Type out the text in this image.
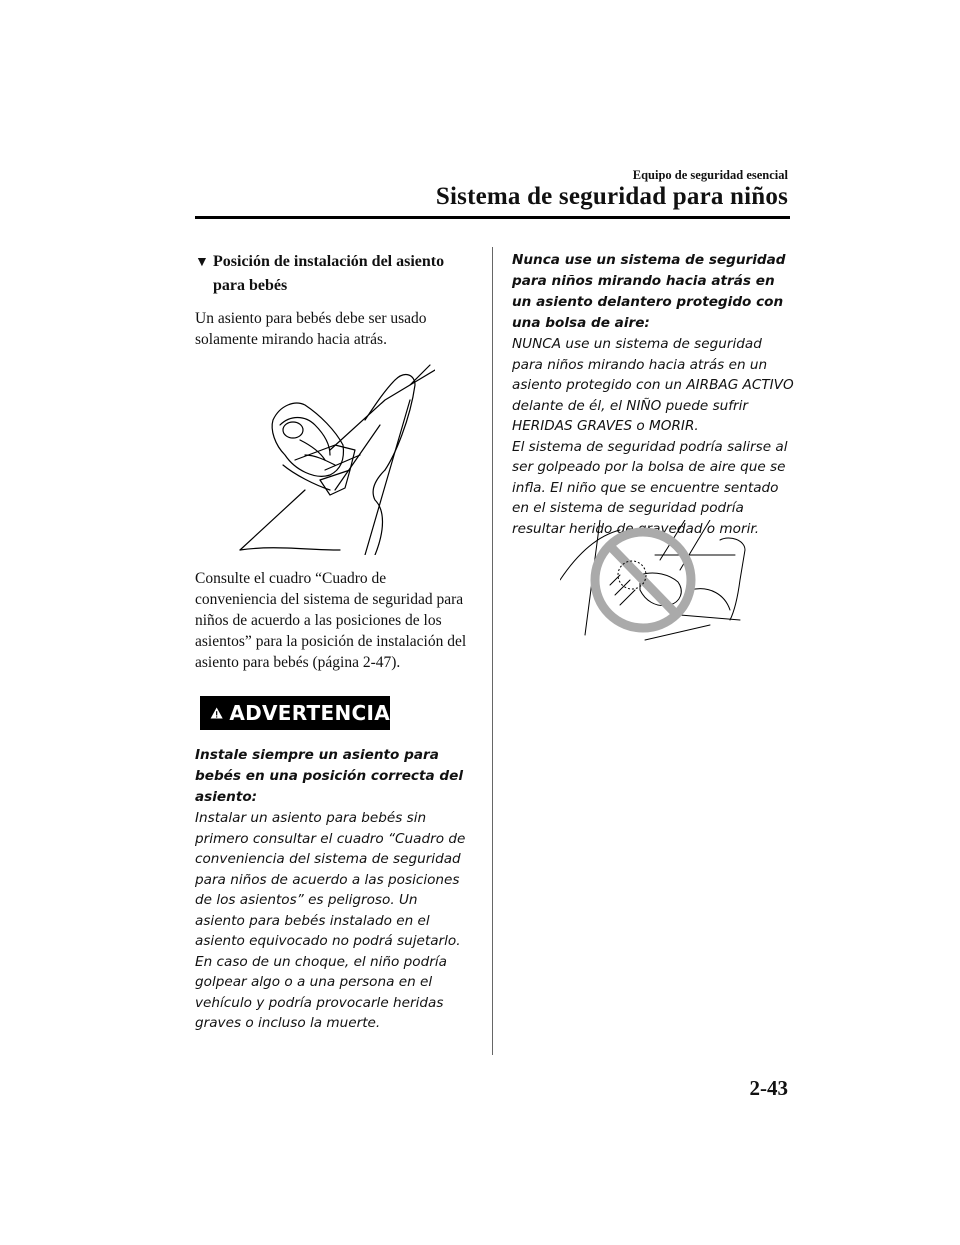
Equipo de seguridad esencial
Sistema de seguridad para niños
▼ Posición de instalación del asiento
para bebés

Un asiento para bebés debe ser usado solamente mirando hacia atrás.

Consulte el cuadro “Cuadro de conveniencia del sistema de seguridad para niños de acuerdo a las posiciones de los asientos” para la posición de instalación del asiento para bebés (página 2-47).

ADVERTENCIA

Instale siempre un asiento para bebés en una posición correcta del asiento:

Instalar un asiento para bebés sin primero consultar el cuadro “Cuadro de conveniencia del sistema de seguridad para niños de acuerdo a las posiciones de los asientos” es peligroso. Un asiento para bebés instalado en el asiento equivocado no podrá sujetarlo. En caso de un choque, el niño podría golpear algo o a una persona en el vehículo y podría provocarle heridas graves o incluso la muerte.

Nunca use un sistema de seguridad para niños mirando hacia atrás en un asiento delantero protegido con una bolsa de aire:

NUNCA use un sistema de seguridad para niños mirando hacia atrás en un asiento protegido con un AIRBAG ACTIVO delante de él, el NIÑO puede sufrir HERIDAS GRAVES o MORIR.

El sistema de seguridad podría salirse al ser golpeado por la bolsa de aire que se infla. El niño que se encuentre sentado en el sistema de seguridad podría resultar herido de gravedad o morir.

2-43
